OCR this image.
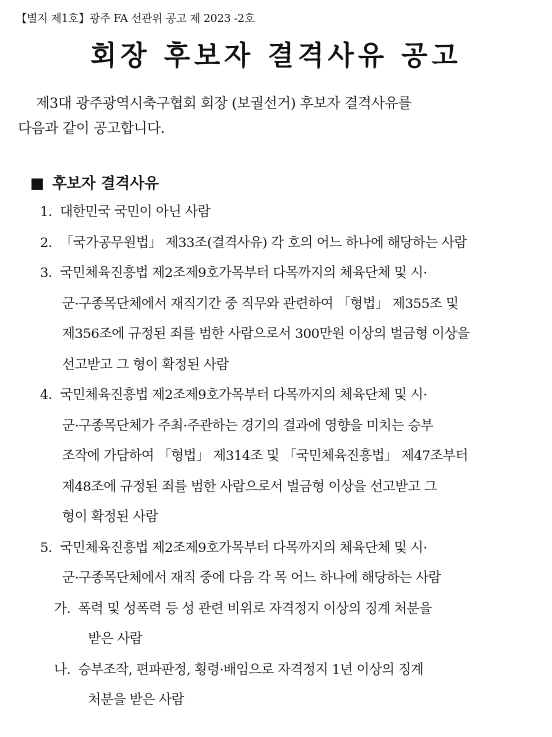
【별지 제1호】광주 FA 선관위 공고 제 2023 -2호
회장 후보자 결격사유 공고
제3대 광주광역시축구협회 회장 (보궐선거) 후보자 결격사유를
다음과 같이 공고합니다.
■ 후보자 결격사유
1. 대한민국 국민이 아닌 사람
2. 「국가공무원법」 제33조(결격사유) 각 호의 어느 하나에 해당하는 사람
3. 국민체육진흥법 제2조제9호가목부터 다목까지의 체육단체 및 시·
군·구종목단체에서 재직기간 중 직무와 관련하여 「형법」 제355조 및
제356조에 규정된 죄를 범한 사람으로서 300만원 이상의 벌금형 이상을
선고받고 그 형이 확정된 사람
4. 국민체육진흥법 제2조제9호가목부터 다목까지의 체육단체 및 시·
군·구종목단체가 주최·주관하는 경기의 결과에 영향을 미치는 승부
조작에 가담하여 「형법」 제314조 및 「국민체육진흥법」 제47조부터
제48조에 규정된 죄를 범한 사람으로서 벌금형 이상을 선고받고 그
형이 확정된 사람
5. 국민체육진흥법 제2조제9호가목부터 다목까지의 체육단체 및 시·
군·구종목단체에서 재직 중에 다음 각 목 어느 하나에 해당하는 사람
가. 폭력 및 성폭력 등 성 관련 비위로 자격정지 이상의 징계 처분을
받은 사람
나. 승부조작, 편파판정, 횡령·배임으로 자격정지 1년 이상의 징계
처분을 받은 사람
